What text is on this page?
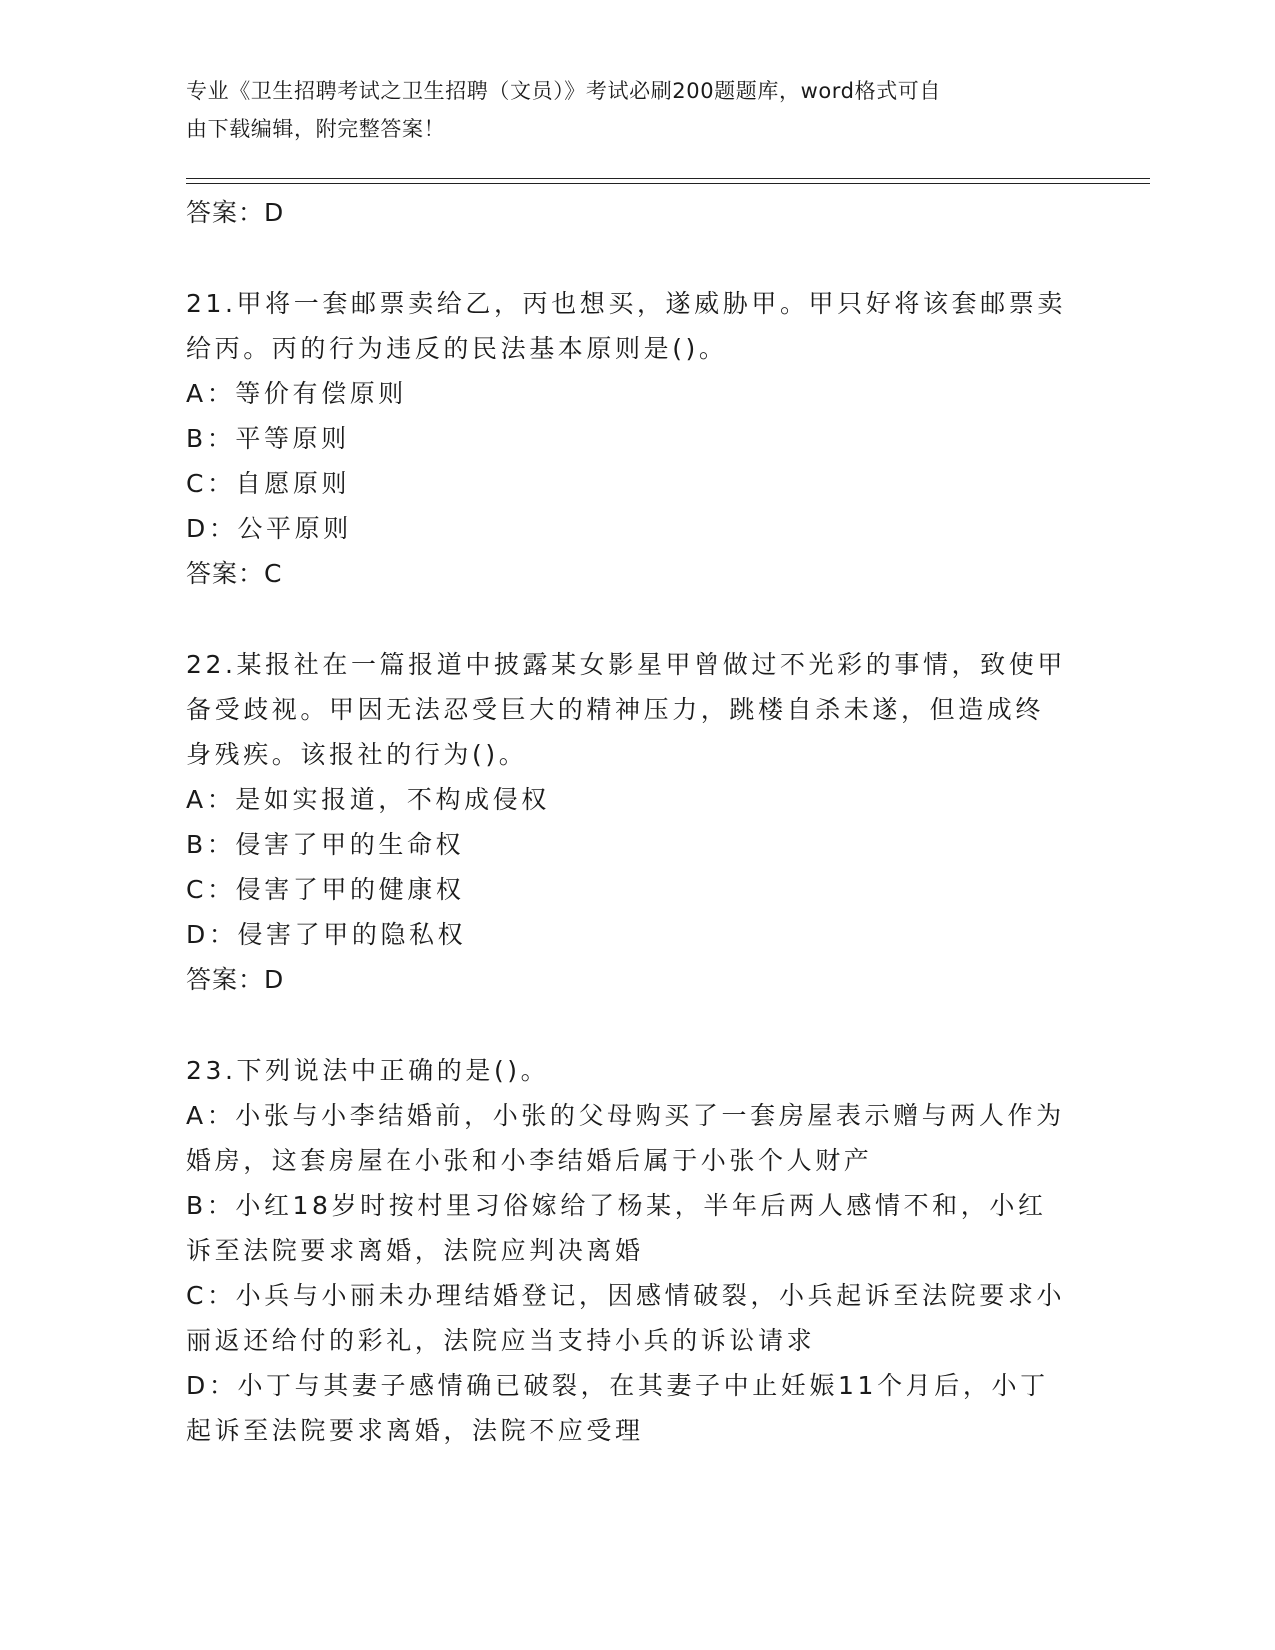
专业《卫生招聘考试之卫生招聘（文员）》考试必刷200题题库，word格式可自

由下载编辑，附完整答案！

答案：D

21.甲将一套邮票卖给乙，丙也想买，遂威胁甲。甲只好将该套邮票卖

给丙。丙的行为违反的民法基本原则是()。

A：等价有偿原则

B：平等原则

C：自愿原则

D：公平原则

答案：C

22.某报社在一篇报道中披露某女影星甲曾做过不光彩的事情，致使甲

备受歧视。甲因无法忍受巨大的精神压力，跳楼自杀未遂，但造成终

身残疾。该报社的行为()。

A：是如实报道，不构成侵权

B：侵害了甲的生命权

C：侵害了甲的健康权

D：侵害了甲的隐私权

答案：D

23.下列说法中正确的是()。

A：小张与小李结婚前，小张的父母购买了一套房屋表示赠与两人作为

婚房，这套房屋在小张和小李结婚后属于小张个人财产

B：小红18岁时按村里习俗嫁给了杨某，半年后两人感情不和，小红

诉至法院要求离婚，法院应判决离婚

C：小兵与小丽未办理结婚登记，因感情破裂，小兵起诉至法院要求小

丽返还给付的彩礼，法院应当支持小兵的诉讼请求

D：小丁与其妻子感情确已破裂，在其妻子中止妊娠11个月后，小丁

起诉至法院要求离婚，法院不应受理
